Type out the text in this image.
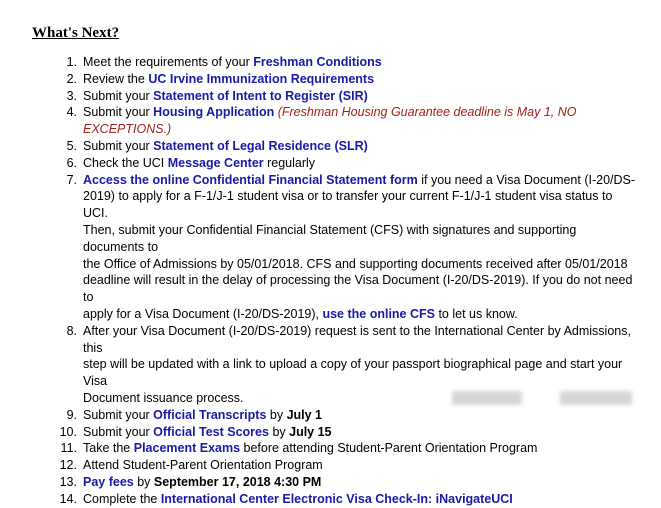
What's Next?
1. Meet the requirements of your Freshman Conditions
2. Review the UC Irvine Immunization Requirements
3. Submit your Statement of Intent to Register (SIR)
4. Submit your Housing Application (Freshman Housing Guarantee deadline is May 1, NO
EXCEPTIONS.)
5. Submit your Statement of Legal Residence (SLR)
6. Check the UCI Message Center regularly
7. Access the online Confidential Financial Statement form if you need a Visa Document (I-20/DS-
2019) to apply for a F-1/J-1 student visa or to transfer your current F-1/J-1 student visa status to UCI.
Then, submit your Confidential Financial Statement (CFS) with signatures and supporting documents to
the Office of Admissions by 05/01/2018. CFS and supporting documents received after 05/01/2018
deadline will result in the delay of processing the Visa Document (I-20/DS-2019). If you do not need to
apply for a Visa Document (I-20/DS-2019), use the online CFS to let us know.
8. After your Visa Document (I-20/DS-2019) request is sent to the International Center by Admissions, this
step will be updated with a link to upload a copy of your passport biographical page and start your Visa
Document issuance process.
9. Submit your Official Transcripts by July 1
10. Submit your Official Test Scores by July 15
11. Take the Placement Exams before attending Student-Parent Orientation Program
12. Attend Student-Parent Orientation Program
13. Pay fees by September 17, 2018 4:30 PM
14. Complete the International Center Electronic Visa Check-In: iNavigateUCI
